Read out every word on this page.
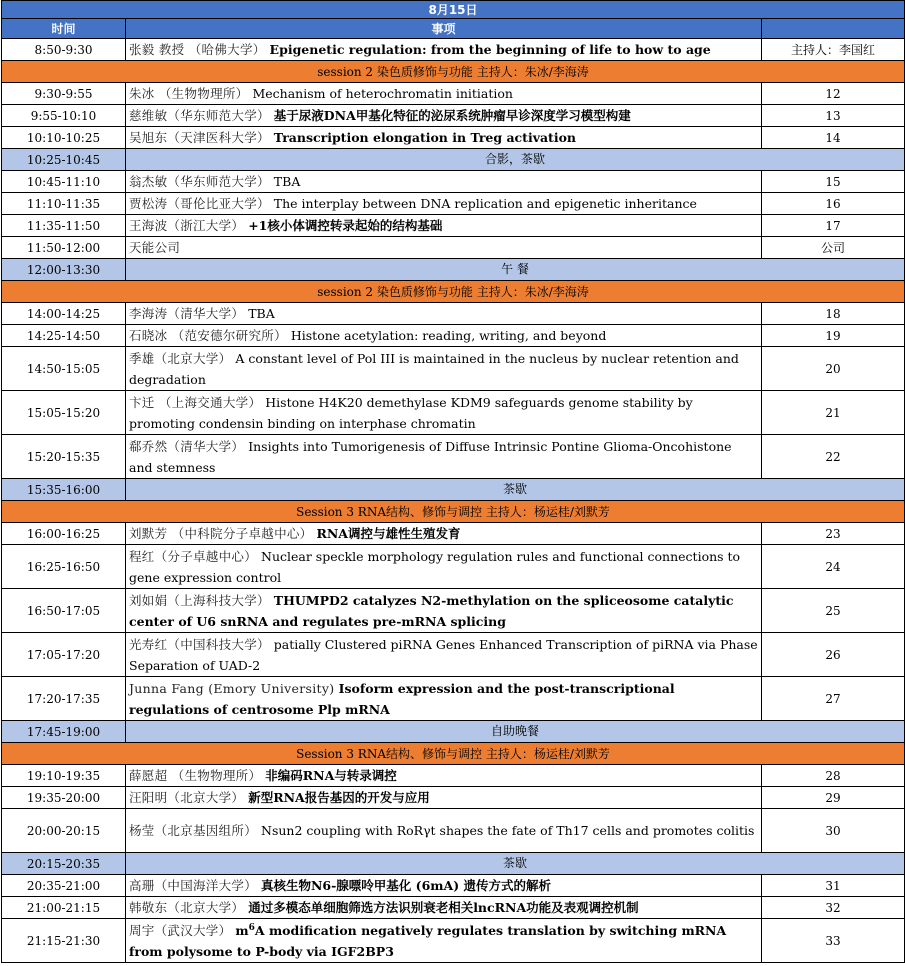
8月15日		
时间	事项	
8:50-9:30	张毅 教授 （哈佛大学） Epigenetic regulation: from the beginning of life to how to age	主持人：李国红
session 2 染色质修饰与功能 主持人：朱冰/李海涛		
9:30-9:55	朱冰 （生物物理所） Mechanism of heterochromatin initiation	12
9:55-10:10	慈维敏（华东师范大学） 基于尿液DNA甲基化特征的泌尿系统肿瘤早诊深度学习模型构建	13
10:10-10:25	吴旭东（天津医科大学） Transcription elongation in Treg activation	14
10:25-10:45	合影，茶歇	
10:45-11:10	翁杰敏（华东师范大学） TBA	15
11:10-11:35	贾松涛（哥伦比亚大学） The interplay between DNA replication and epigenetic inheritance	16
11:35-11:50	王海波（浙江大学） +1核小体调控转录起始的结构基础	17
11:50-12:00	天能公司	公司
12:00-13:30	午 餐	
session 2 染色质修饰与功能 主持人：朱冰/李海涛		
14:00-14:25	李海涛（清华大学） TBA	18
14:25-14:50	石晓冰 （范安德尔研究所） Histone acetylation: reading, writing, and beyond	19
14:50-15:05	季雄（北京大学） A constant level of Pol III is maintained in the nucleus by nuclear retention and degradation	20
15:05-15:20	卞迁 （上海交通大学） Histone H4K20 demethylase KDM9 safeguards genome stability by promoting condensin binding on interphase chromatin	21
15:20-15:35	郗乔然（清华大学） Insights into Tumorigenesis of Diffuse Intrinsic Pontine Glioma-Oncohistone and stemness	22
15:35-16:00	茶歇	
Session 3 RNA结构、修饰与调控 主持人：杨运桂/刘默芳		
16:00-16:25	刘默芳 （中科院分子卓越中心） RNA调控与雄性生殖发育	23
16:25-16:50	程红（分子卓越中心） Nuclear speckle morphology regulation rules and functional connections to gene expression control	24
16:50-17:05	刘如娟（上海科技大学） THUMPD2 catalyzes N2-methylation on the spliceosome catalytic center of U6 snRNA and regulates pre-mRNA splicing	25
17:05-17:20	光寿红（中国科技大学） patially Clustered piRNA Genes Enhanced Transcription of piRNA via Phase Separation of UAD-2	26
17:20-17:35	Junna Fang (Emory University) Isoform expression and the post-transcriptional regulations of centrosome Plp mRNA	27
17:45-19:00	自助晚餐	
Session 3 RNA结构、修饰与调控 主持人：杨运桂/刘默芳		
19:10-19:35	薛愿超 （生物物理所） 非编码RNA与转录调控	28
19:35-20:00	汪阳明（北京大学） 新型RNA报告基因的开发与应用	29
20:00-20:15	杨莹（北京基因组所） Nsun2 coupling with RoRγt shapes the fate of Th17 cells and promotes colitis	30
20:15-20:35	茶歇	
20:35-21:00	高珊（中国海洋大学） 真核生物N6-腺嘌呤甲基化 (6mA) 遗传方式的解析	31
21:00-21:15	韩敬东（北京大学） 通过多模态单细胞筛选方法识别衰老相关lncRNA功能及表观调控机制	32
21:15-21:30	周宇（武汉大学） $m^6A$ modification negatively regulates translation by switching mRNA from polysome to P-body via IGF2BP3	33
